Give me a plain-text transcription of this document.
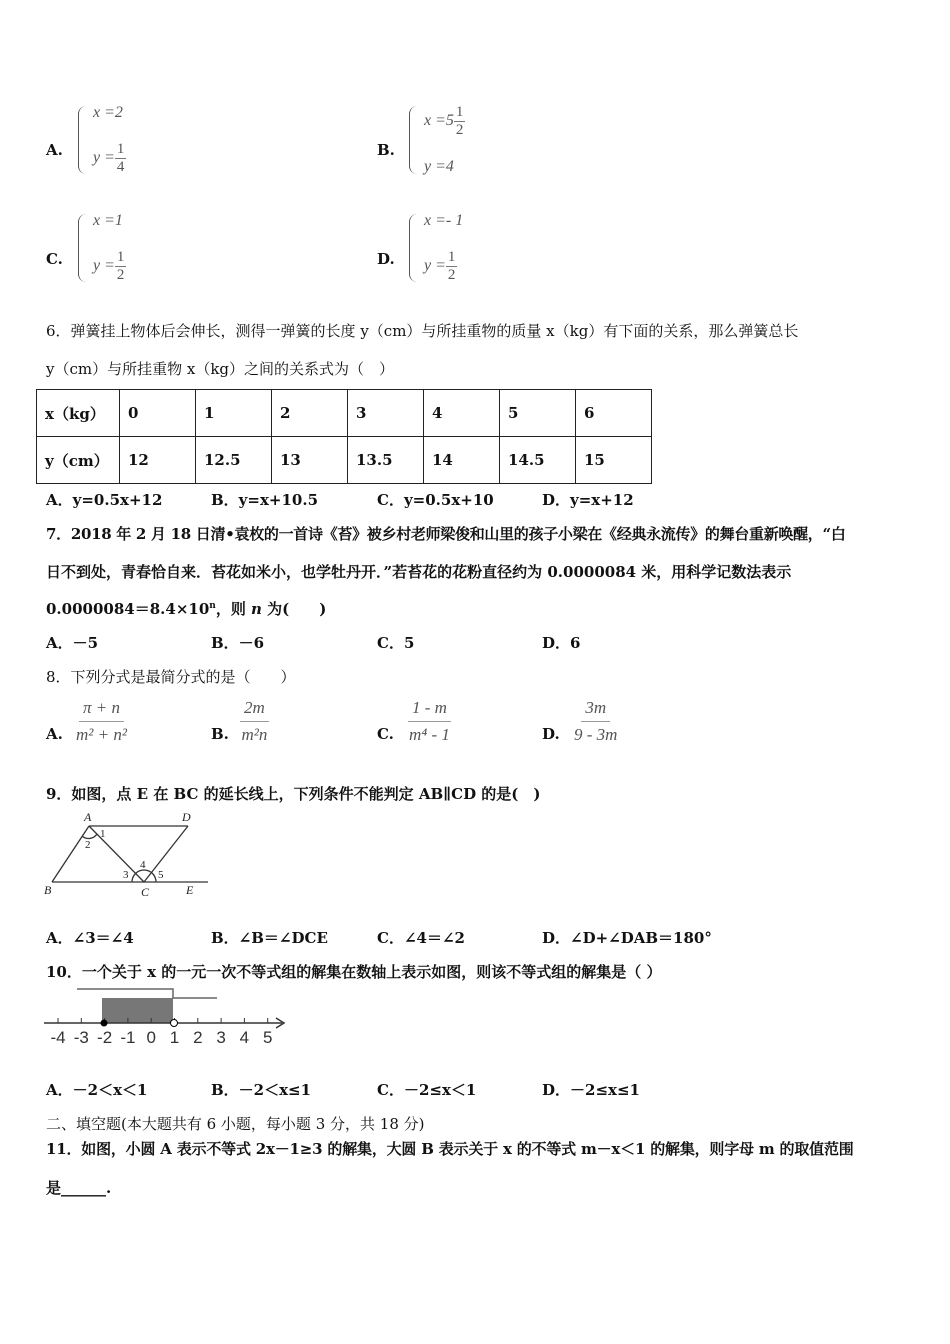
A.
x =2
$y = \frac{1}{4}$	B.
$x =5 \frac{1}{2}$
y =4
C.
x =1
$y = \frac{1}{2}$	D.
x =- 1
$y = \frac{1}{2}$
6．弹簧挂上物体后会伸长，测得一弹簧的长度 y（cm）与所挂重物的质量 x（kg）有下面的关系，那么弹簧总长
y（cm）与所挂重物 x（kg）之间的关系式为（　）
x（kg）	0	1	2	3	4	5	6
y（cm）	12	12.5	13	13.5	14	14.5	15
A．y=0.5x+12	B．y=x+10.5	C．y=0.5x+10	D．y=x+12
7．2018 年 2 月 18 日清•袁枚的一首诗《苔》被乡村老师梁俊和山里的孩子小梁在《经典永流传》的舞台重新唤醒，“白
日不到处，青春恰自来．苔花如米小，也学牡丹开．”若苔花的花粉直径约为 0.0000084 米，用科学记数法表示
$0.0000084=8.4\times 10^n$，则 n 为(　　)
A．－5	B．－6	C．5	D．6
8．下列分式是最简分式的是（　　）
A.
π + n
m² + n²	B.
2m
m²n	C.
1 - m
m⁴ - 1	D.
3m
9 - 3m
9．如图，点 E 在 BC 的延长线上，下列条件不能判定 AB∥CD 的是(　)
A	D
B	C	E
1
2
3
4
5
A．∠3＝∠4	B．∠B＝∠DCE	C．∠4＝∠2	D．∠D+∠DAB＝180°
10．一个关于 x 的一元一次不等式组的解集在数轴上表示如图，则该不等式组的解集是（ ）
-4 -3 -2 -1 0 1 2 3 4 5
A．－2＜x＜1	B．－2＜x≤1	C．－2≤x＜1	D．－2≤x≤1
二、填空题(本大题共有 6 小题，每小题 3 分，共 18 分)
11．如图，小圆 A 表示不等式 2x－1≥3 的解集，大圆 B 表示关于 x 的不等式 m－x＜1 的解集，则字母 m 的取值范围
是______.
